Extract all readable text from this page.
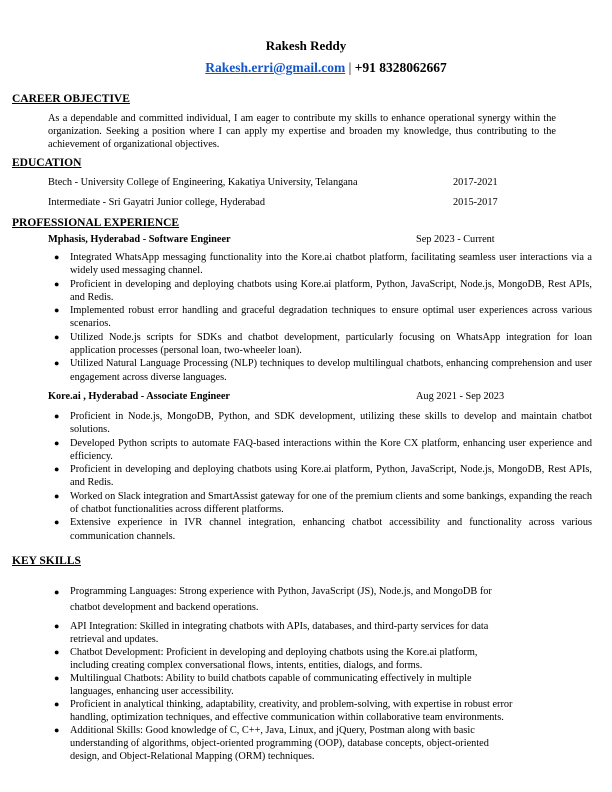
Rakesh Reddy
Rakesh.erri@gmail.com | +91 8328062667
CAREER OBJECTIVE
As a dependable and committed individual, I am eager to contribute my skills to enhance operational synergy within the organization. Seeking a position where I can apply my expertise and broaden my knowledge, thus contributing to the achievement of organizational objectives.
EDUCATION
Btech - University College of Engineering, Kakatiya University, Telangana	2017-2021
Intermediate - Sri Gayatri Junior college, Hyderabad	2015-2017
PROFESSIONAL EXPERIENCE
Mphasis, Hyderabad - Software Engineer	Sep 2023 - Current
● Integrated WhatsApp messaging functionality into the Kore.ai chatbot platform, facilitating seamless user interactions via a widely used messaging channel.
● Proficient in developing and deploying chatbots using Kore.ai platform, Python, JavaScript, Node.js, MongoDB, Rest APIs, and Redis.
● Implemented robust error handling and graceful degradation techniques to ensure optimal user experiences across various scenarios.
● Utilized Node.js scripts for SDKs and chatbot development, particularly focusing on WhatsApp integration for loan application processes (personal loan, two-wheeler loan).
● Utilized Natural Language Processing (NLP) techniques to develop multilingual chatbots, enhancing comprehension and user engagement across diverse languages.
Kore.ai , Hyderabad - Associate Engineer	Aug 2021 - Sep 2023
● Proficient in Node.js, MongoDB, Python, and SDK development, utilizing these skills to develop and maintain chatbot solutions.
● Developed Python scripts to automate FAQ-based interactions within the Kore CX platform, enhancing user experience and efficiency.
● Proficient in developing and deploying chatbots using Kore.ai platform, Python, JavaScript, Node.js, MongoDB, Rest APIs, and Redis.
● Worked on Slack integration and SmartAssist gateway for one of the premium clients and some bankings, expanding the reach of chatbot functionalities across different platforms.
● Extensive experience in IVR channel integration, enhancing chatbot accessibility and functionality across various communication channels.
KEY SKILLS
● Programming Languages: Strong experience with Python, JavaScript (JS), Node.js, and MongoDB for
chatbot development and backend operations.
● API Integration: Skilled in integrating chatbots with APIs, databases, and third-party services for data
retrieval and updates.
● Chatbot Development: Proficient in developing and deploying chatbots using the Kore.ai platform,
including creating complex conversational flows, intents, entities, dialogs, and forms.
● Multilingual Chatbots: Ability to build chatbots capable of communicating effectively in multiple
languages, enhancing user accessibility.
● Proficient in analytical thinking, adaptability, creativity, and problem-solving, with expertise in robust error
handling, optimization techniques, and effective communication within collaborative team environments.
● Additional Skills: Good knowledge of C, C++, Java, Linux, and jQuery, Postman along with basic
understanding of algorithms, object-oriented programming (OOP), database concepts, object-oriented
design, and Object-Relational Mapping (ORM) techniques.
